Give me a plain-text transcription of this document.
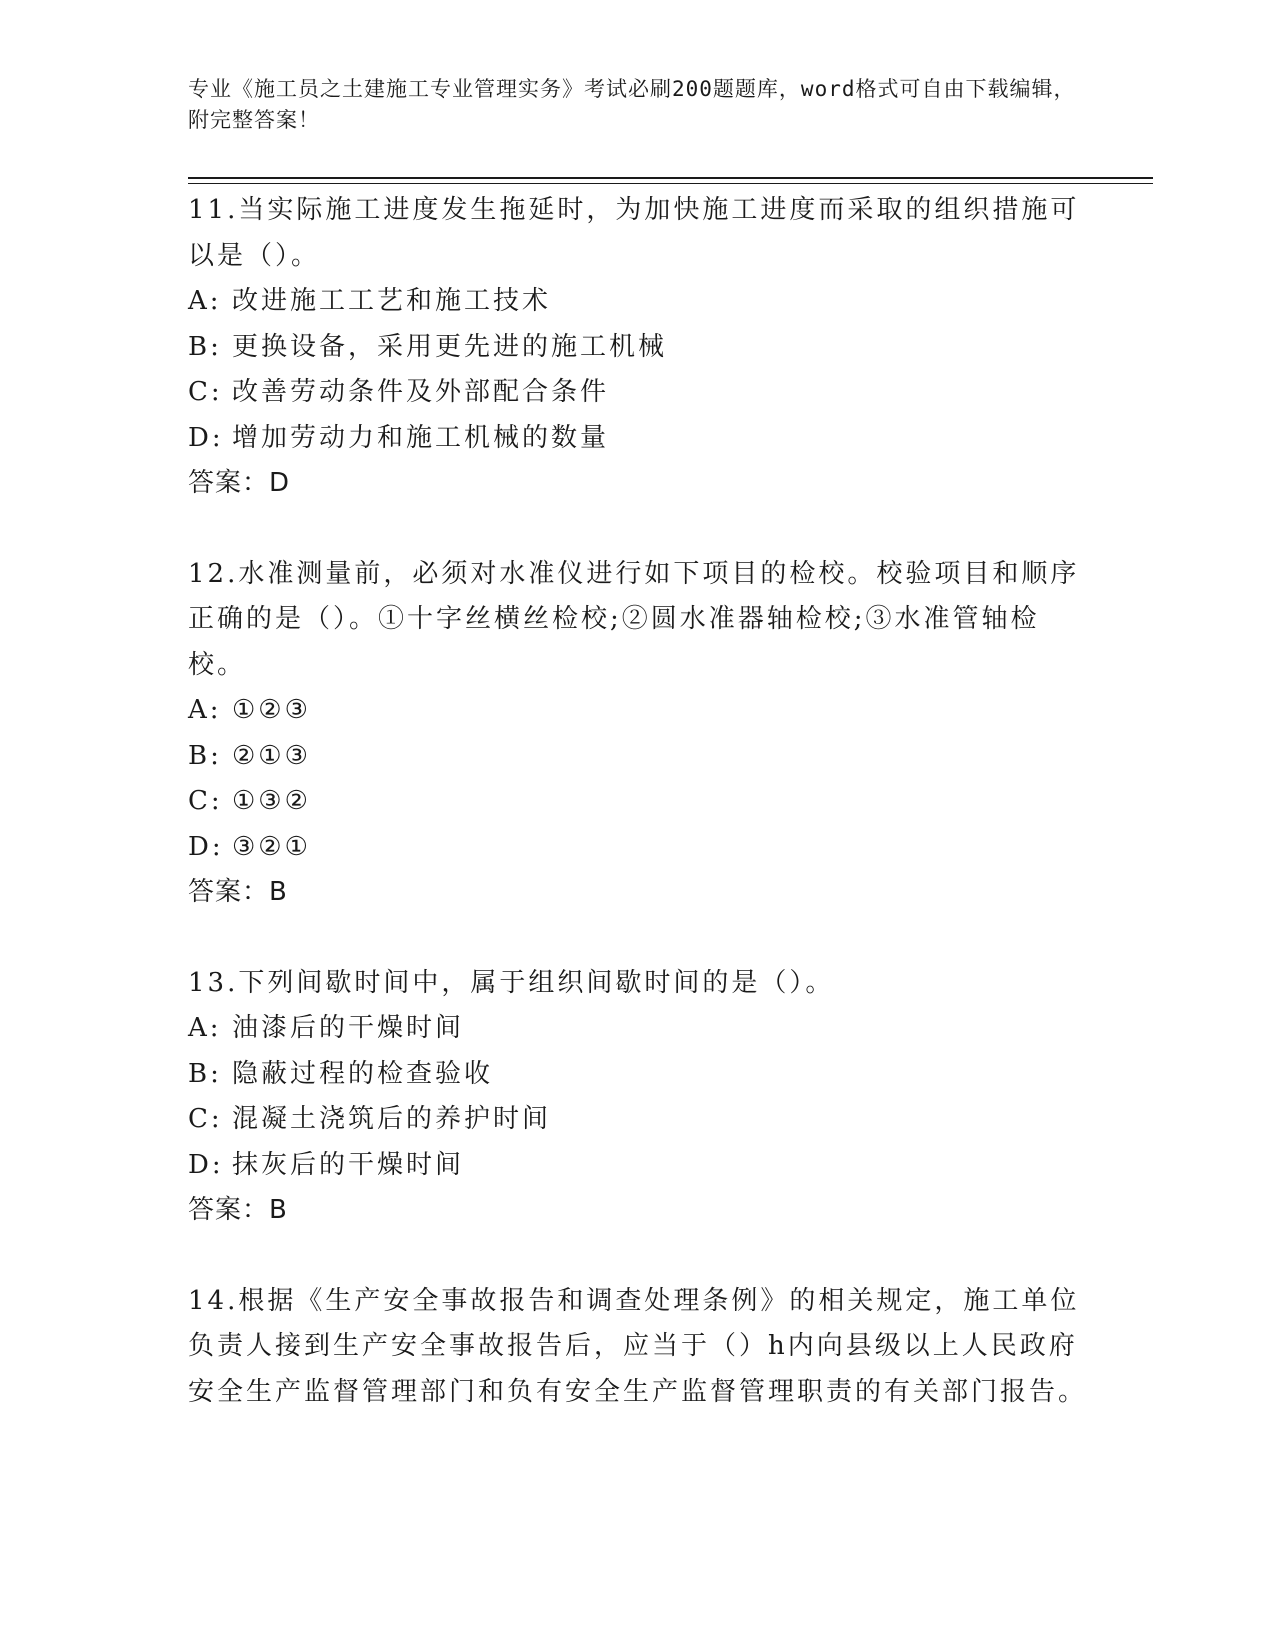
专业《施工员之土建施工专业管理实务》考试必刷200题题库，word格式可自由下载编辑，附完整答案！

11.当实际施工进度发生拖延时，为加快施工进度而采取的组织措施可以是（）。

A: 改进施工工艺和施工技术

B: 更换设备，采用更先进的施工机械

C: 改善劳动条件及外部配合条件

D: 增加劳动力和施工机械的数量

答案：D

12.水准测量前，必须对水准仪进行如下项目的检校。校验项目和顺序正确的是（）。①十字丝横丝检校;②圆水准器轴检校;③水准管轴检校。

A: ①②③

B: ②①③

C: ①③②

D: ③②①

答案：B

13.下列间歇时间中，属于组织间歇时间的是（）。

A: 油漆后的干燥时间

B: 隐蔽过程的检查验收

C: 混凝土浇筑后的养护时间

D: 抹灰后的干燥时间

答案：B

14.根据《生产安全事故报告和调查处理条例》的相关规定，施工单位负责人接到生产安全事故报告后，应当于（）h内向县级以上人民政府安全生产监督管理部门和负有安全生产监督管理职责的有关部门报告。
